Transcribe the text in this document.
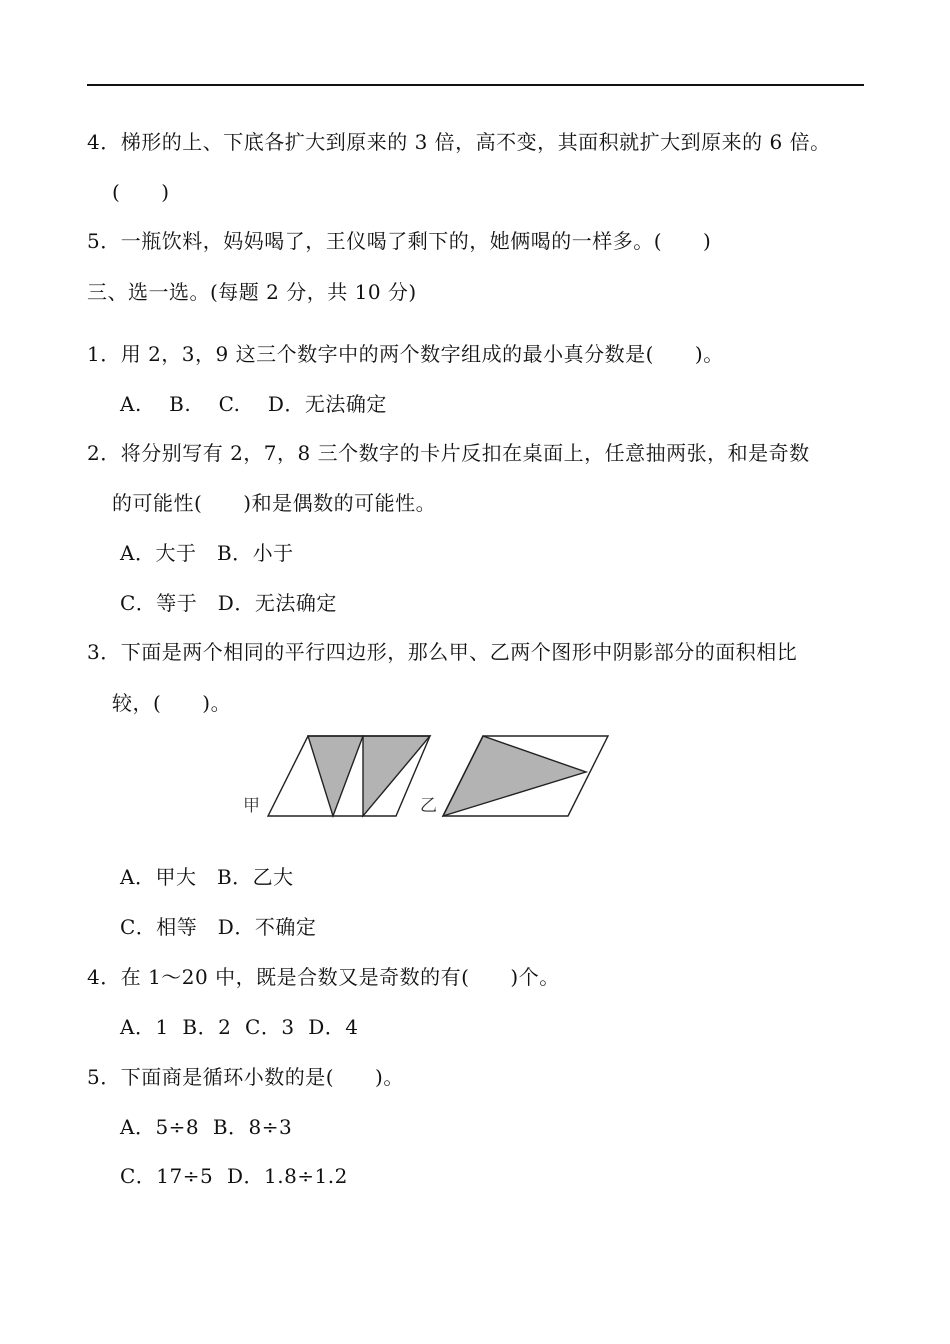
4．梯形的上、下底各扩大到原来的 3 倍，高不变，其面积就扩大到原来的 6 倍。
(　　)
5．一瓶饮料，妈妈喝了，王仪喝了剩下的，她俩喝的一样多。(　　)
三、选一选。(每题 2 分，共 10 分)
1．用 2，3，9 这三个数字中的两个数字组成的最小真分数是(　　)。
A.　 B.　 C.　 D．无法确定
2．将分别写有 2，7，8 三个数字的卡片反扣在桌面上，任意抽两张，和是奇数
的可能性(　　)和是偶数的可能性。
A．大于　B．小于
C．等于　D．无法确定
3．下面是两个相同的平行四边形，那么甲、乙两个图形中阴影部分的面积相比
较，(　　)。
甲	乙
A．甲大　B．乙大
C．相等　D．不确定
4．在 1～20 中，既是合数又是奇数的有(　　)个。
A．1  B．2  C．3  D．4
5．下面商是循环小数的是(　　)。
A．5÷8  B．8÷3
C．17÷5  D．1.8÷1.2
